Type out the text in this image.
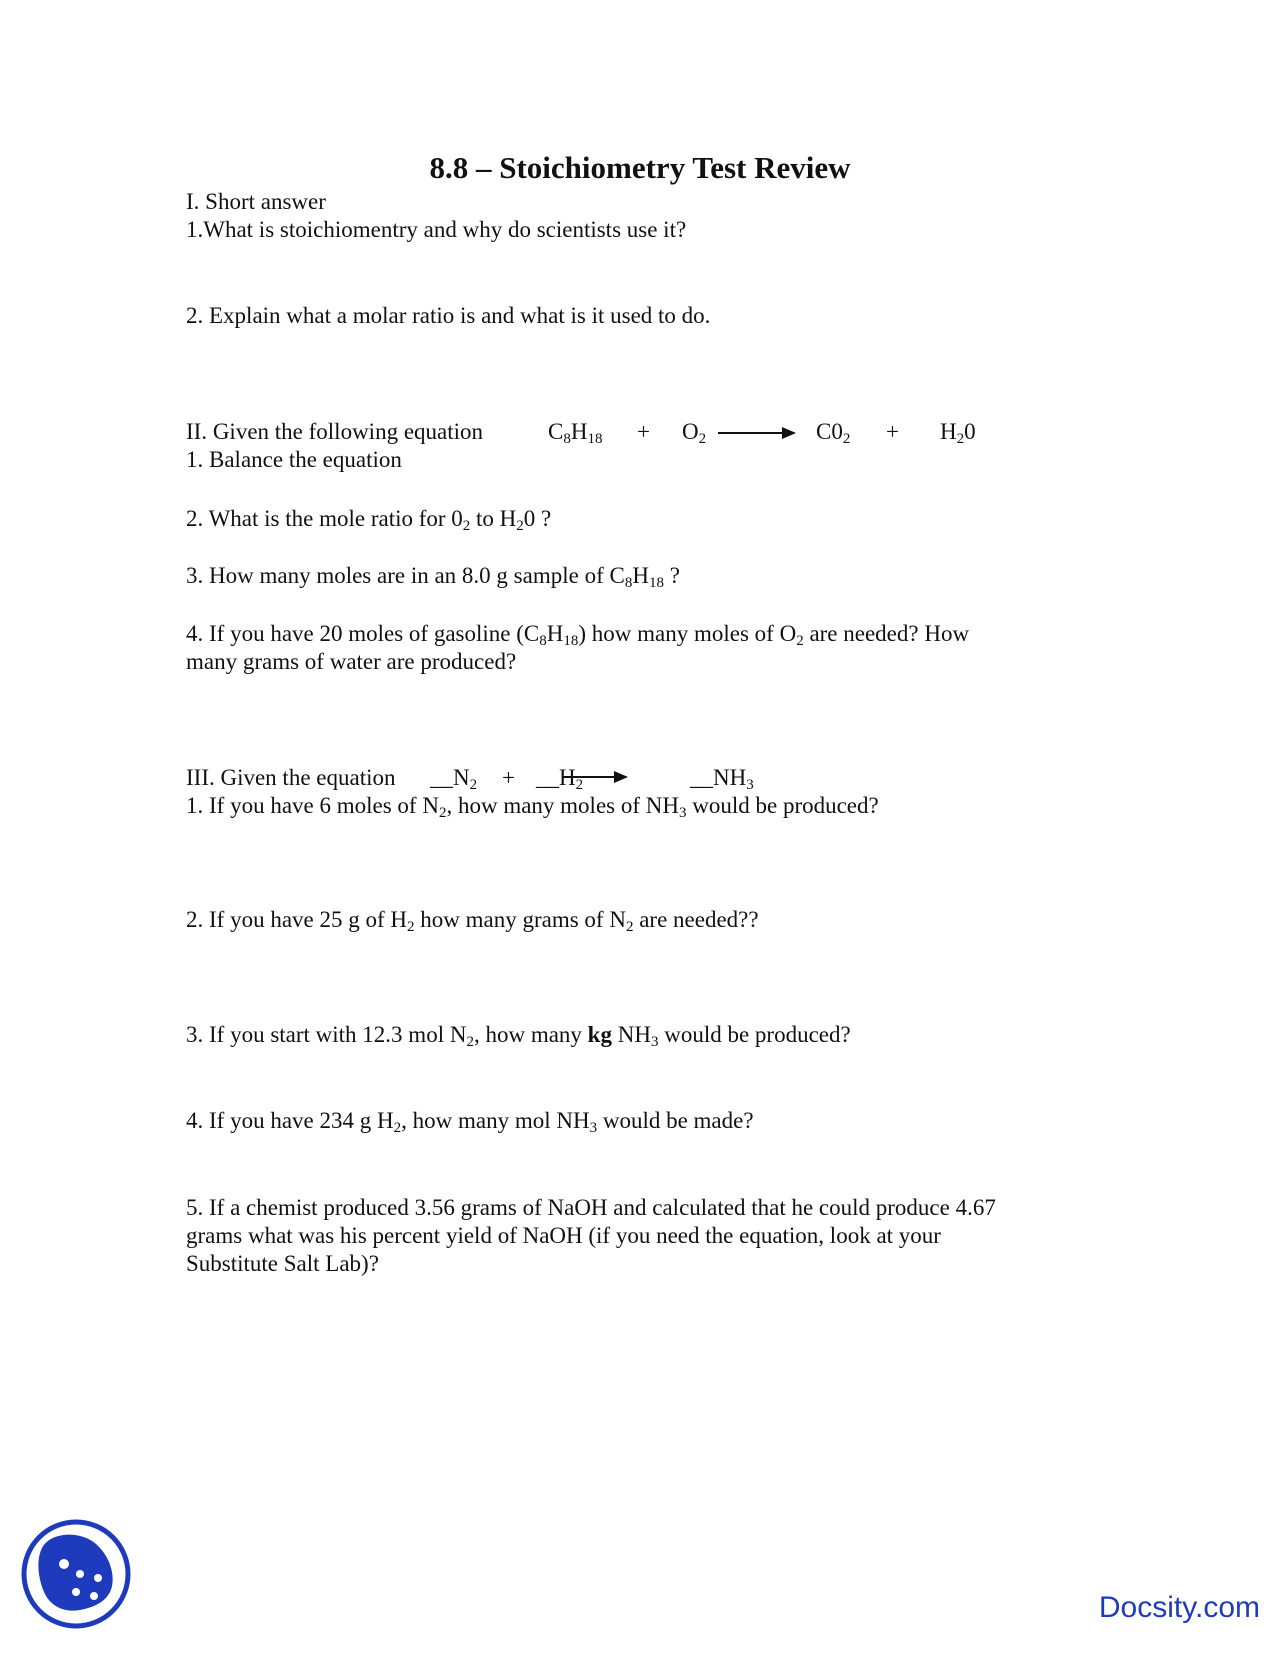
8.8 – Stoichiometry Test Review
I. Short answer
1.What is stoichiomentry and why do scientists use it?
2. Explain what a molar ratio is and what is it used to do.
II. Given the following equation	$C_8H_{18} + O_2$	$C0_2 + H_20$
1. Balance the equation
2. What is the mole ratio for $0_2$ to $H_20$ ?
3. How many moles are in an 8.0 g sample of $C_8H_{18}$ ?
4. If you have 20 moles of gasoline $(C_8H_{18})$ how many moles of $O_2$ are needed? How
many grams of water are produced?
III. Given the equation $\_\_N_2$ + $\_\_H_2$	$\_\_NH_3$
1. If you have 6 moles of $N_2$, how many moles of $NH_3$ would be produced?
2. If you have 25 g of $H_2$ how many grams of $N_2$ are needed??
3. If you start with 12.3 mol $N_2$, how many kg $NH_3$ would be produced?
4. If you have 234 g $H_2$, how many mol $NH_3$ would be made?
5. If a chemist produced 3.56 grams of NaOH and calculated that he could produce 4.67
grams what was his percent yield of NaOH (if you need the equation, look at your
Substitute Salt Lab)?
Docsity.com
